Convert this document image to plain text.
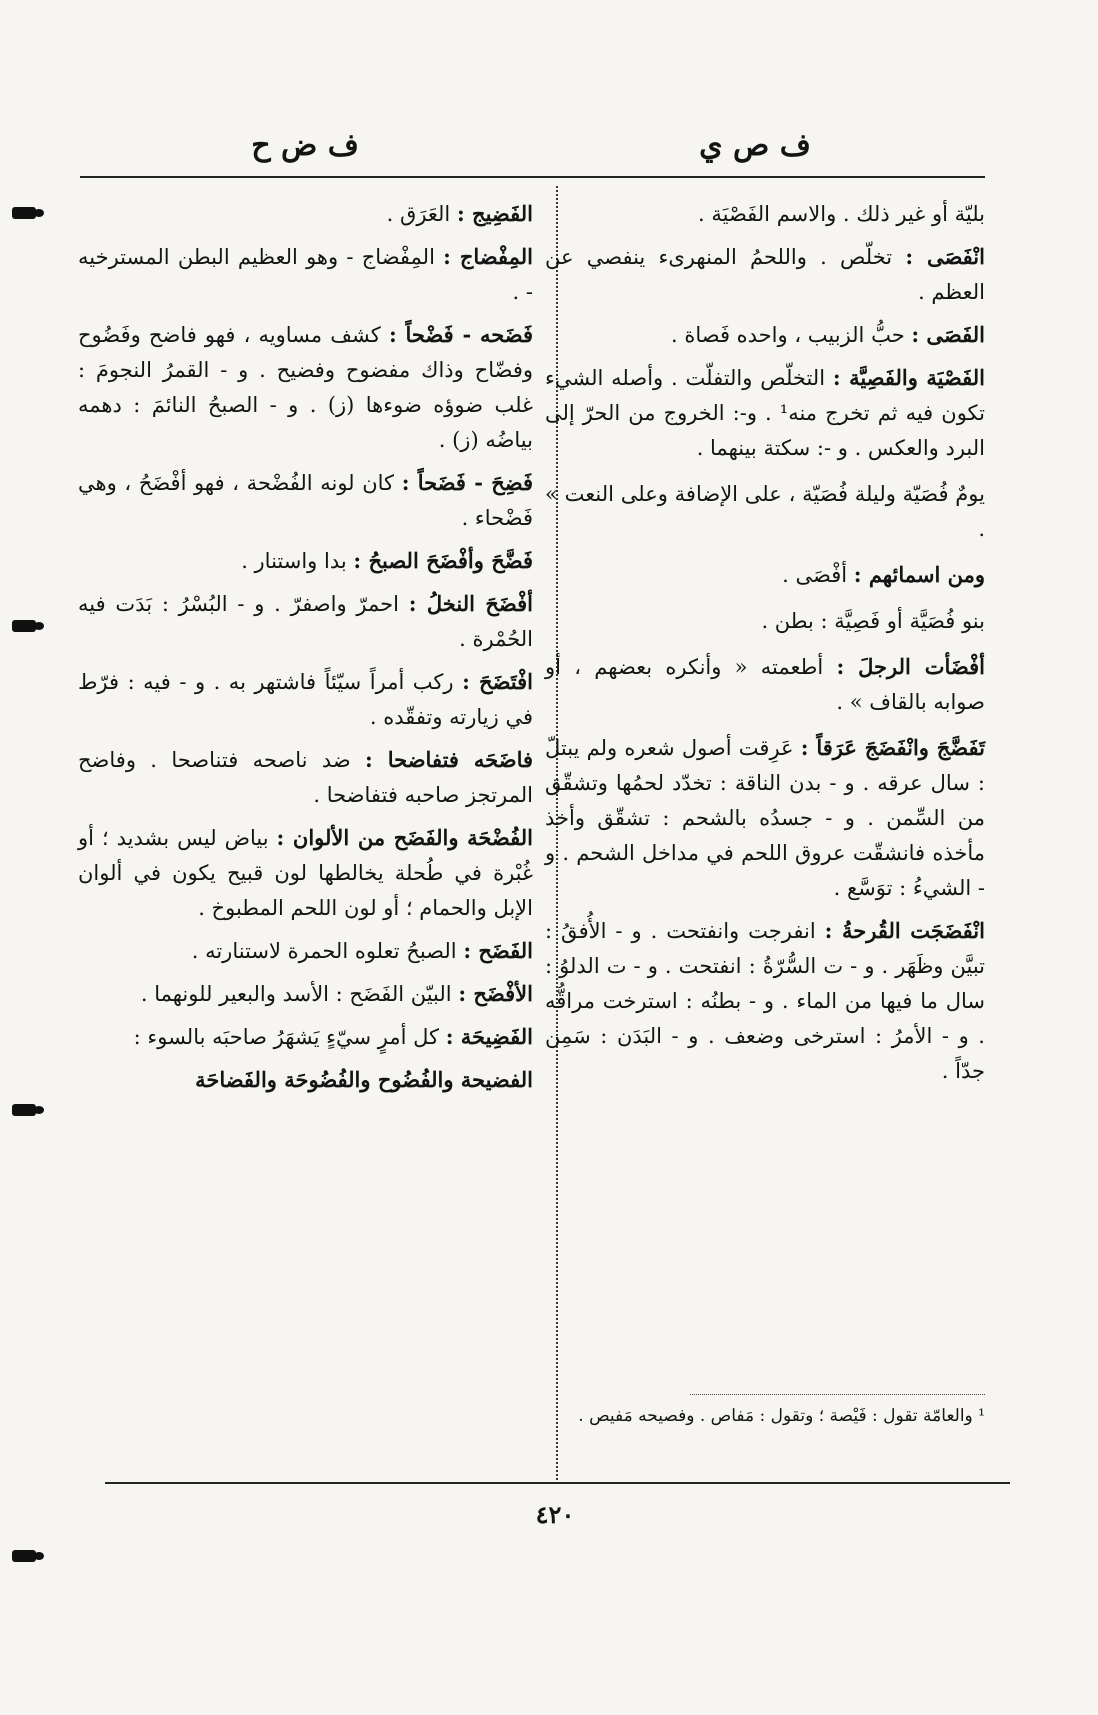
ف ص ي
ف ض ح

بليّة أو غير ذلك . والاسم الفَصْيَة .

انْفَصَى : تخلّص . واللحمُ المنهرىء ينفصي عن العظم .

الفَصَى : حبُّ الزبيب ، واحده فَصاة .

الفَصْيَة والفَصِيَّة : التخلّص والتفلّت . وأصله الشيء تكون فيه ثم تخرج منه¹ . و-: الخروج من الحرّ إلى البرد والعكس . و -: سكتة بينهما .

يومٌ فُصَيّة وليلة فُصَيّة ، على الإضافة وعلى النعت » .

ومن اسمائهم : أفْصَى .

بنو فُصَيَّة أو فَصِيَّة : بطن .

أفْضَأت الرجلَ : أطعمته « وأنكره بعضهم ، أو صوابه بالقاف » .

تَفَضَّجَ وانْفَضَجَ عَرَقاً : عَرِقت أصول شعره ولم يبتلّ : سال عرقه . و - بدن الناقة : تخدّد لحمُها وتشقّق من السِّمن . و - جسدُه بالشحم : تشقّق وأخذ مأخذه فانشقّت عروق اللحم في مداخل الشحم . و - الشيءُ : توَسَّع .

انْفَضَجَت القُرحةُ : انفرجت وانفتحت . و - الأُفقُ : تبيَّن وظَهَر . و - ت السُّرّةُ : انفتحت . و - ت الدلوُ : سال ما فيها من الماء . و - بطنُه : استرخت مراقُّه . و - الأمرُ : استرخى وضعف . و - البَدَن : سَمِن جدّاً .

¹ والعامّة تقول : فَيْصة ؛ وتقول : مَفاص . وفصيحه مَفيص .

الفَضِيج : العَرَق .

المِفْضاج : المِفْضاج - وهو العظيم البطن المسترخيه - .

فَضَحه - فَضْحاً : كشف مساويه ، فهو فاضح وفَضُوح وفضّاح وذاك مفضوح وفضيح . و - القمرُ النجومَ : غلب ضوؤه ضوءها (ز) . و - الصبحُ النائمَ : دهمه بياضُه (ز) .

فَضِحَ - فَضَحاً : كان لونه الفُضْحة ، فهو أفْضَحُ ، وهي فَضْحاء .

فَضَّحَ وأفْضَحَ الصبحُ : بدا واستنار .

أفْضَحَ النخلُ : احمرّ واصفرّ . و - البُسْرُ : بَدَت فيه الحُمْرة .

افْتَضَحَ : ركب أمراً سيّئاً فاشتهر به . و - فيه : فرّط في زيارته وتفقّده .

فاضَحَه فتفاضحا : ضد ناصحه فتناصحا . وفاضح المرتجز صاحبه فتفاضحا .

الفُضْحَة والفَضَح من الألوان : بياض ليس بشديد ؛ أو غُبْرة في طُحلة يخالطها لون قبيح يكون في ألوان الإبل والحمام ؛ أو لون اللحم المطبوخ .

الفَضَح : الصبحُ تعلوه الحمرة لاستنارته .

الأفْضَح : البيّن الفَضَح : الأسد والبعير للونهما .

الفَضِيحَة : كل أمرٍ سيّءٍ يَشهَرُ صاحبَه بالسوء :

الفضيحة والفُضُوح والفُضُوحَة والفَضاحَة

٤٢٠
